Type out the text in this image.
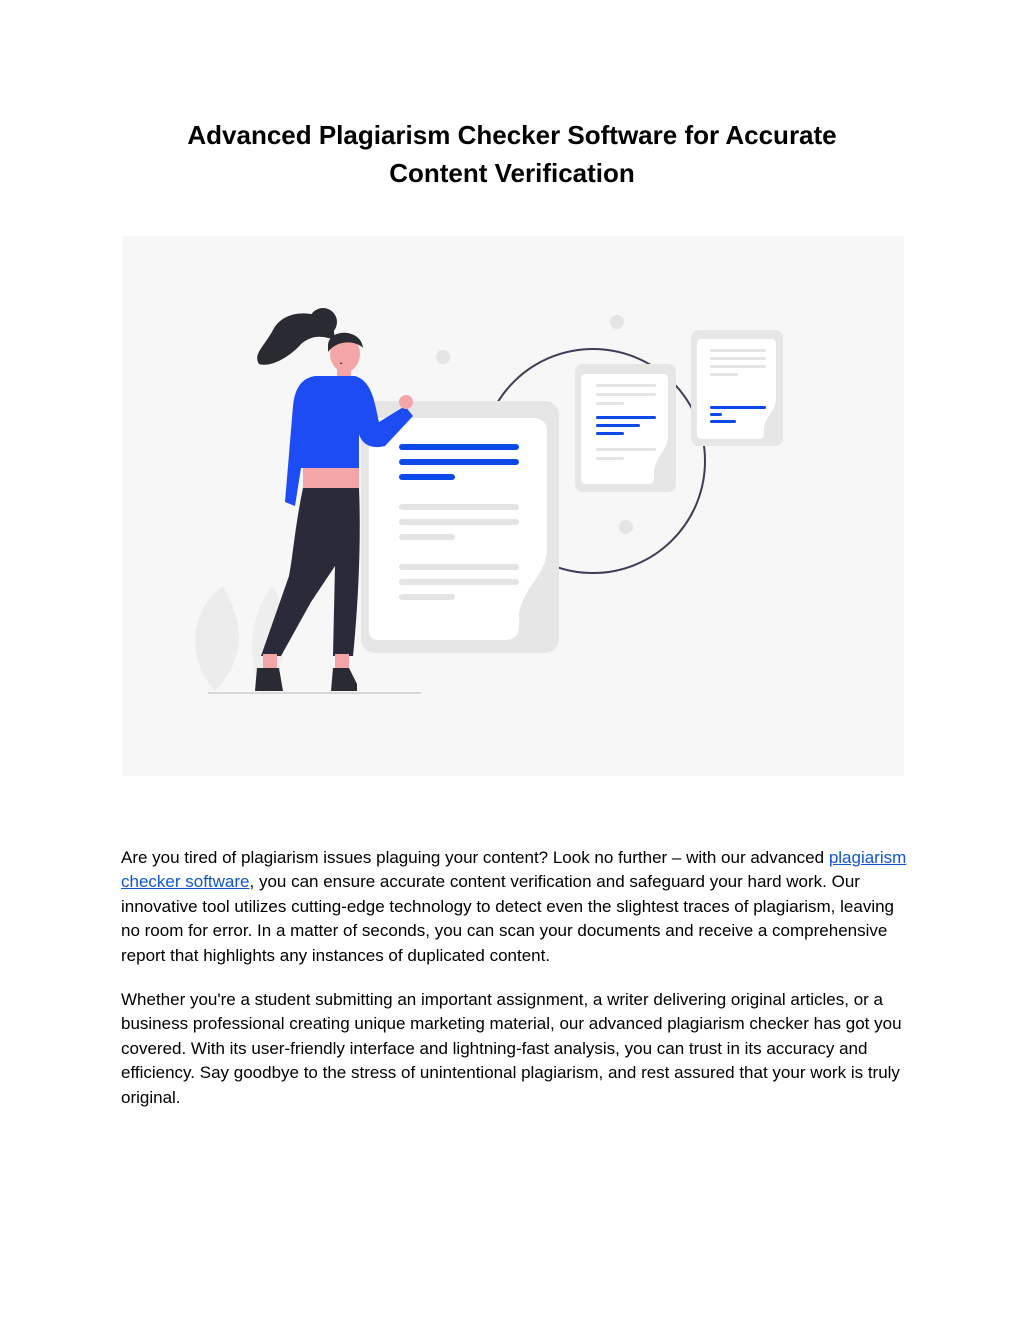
Advanced Plagiarism Checker Software for Accurate
Content Verification

Are you tired of plagiarism issues plaguing your content? Look no further – with our advanced plagiarism checker software, you can ensure accurate content verification and safeguard your hard work. Our innovative tool utilizes cutting-edge technology to detect even the slightest traces of plagiarism, leaving no room for error. In a matter of seconds, you can scan your documents and receive a comprehensive report that highlights any instances of duplicated content.

Whether you're a student submitting an important assignment, a writer delivering original articles, or a business professional creating unique marketing material, our advanced plagiarism checker has got you covered. With its user-friendly interface and lightning-fast analysis, you can trust in its accuracy and efficiency. Say goodbye to the stress of unintentional plagiarism, and rest assured that your work is truly original.
